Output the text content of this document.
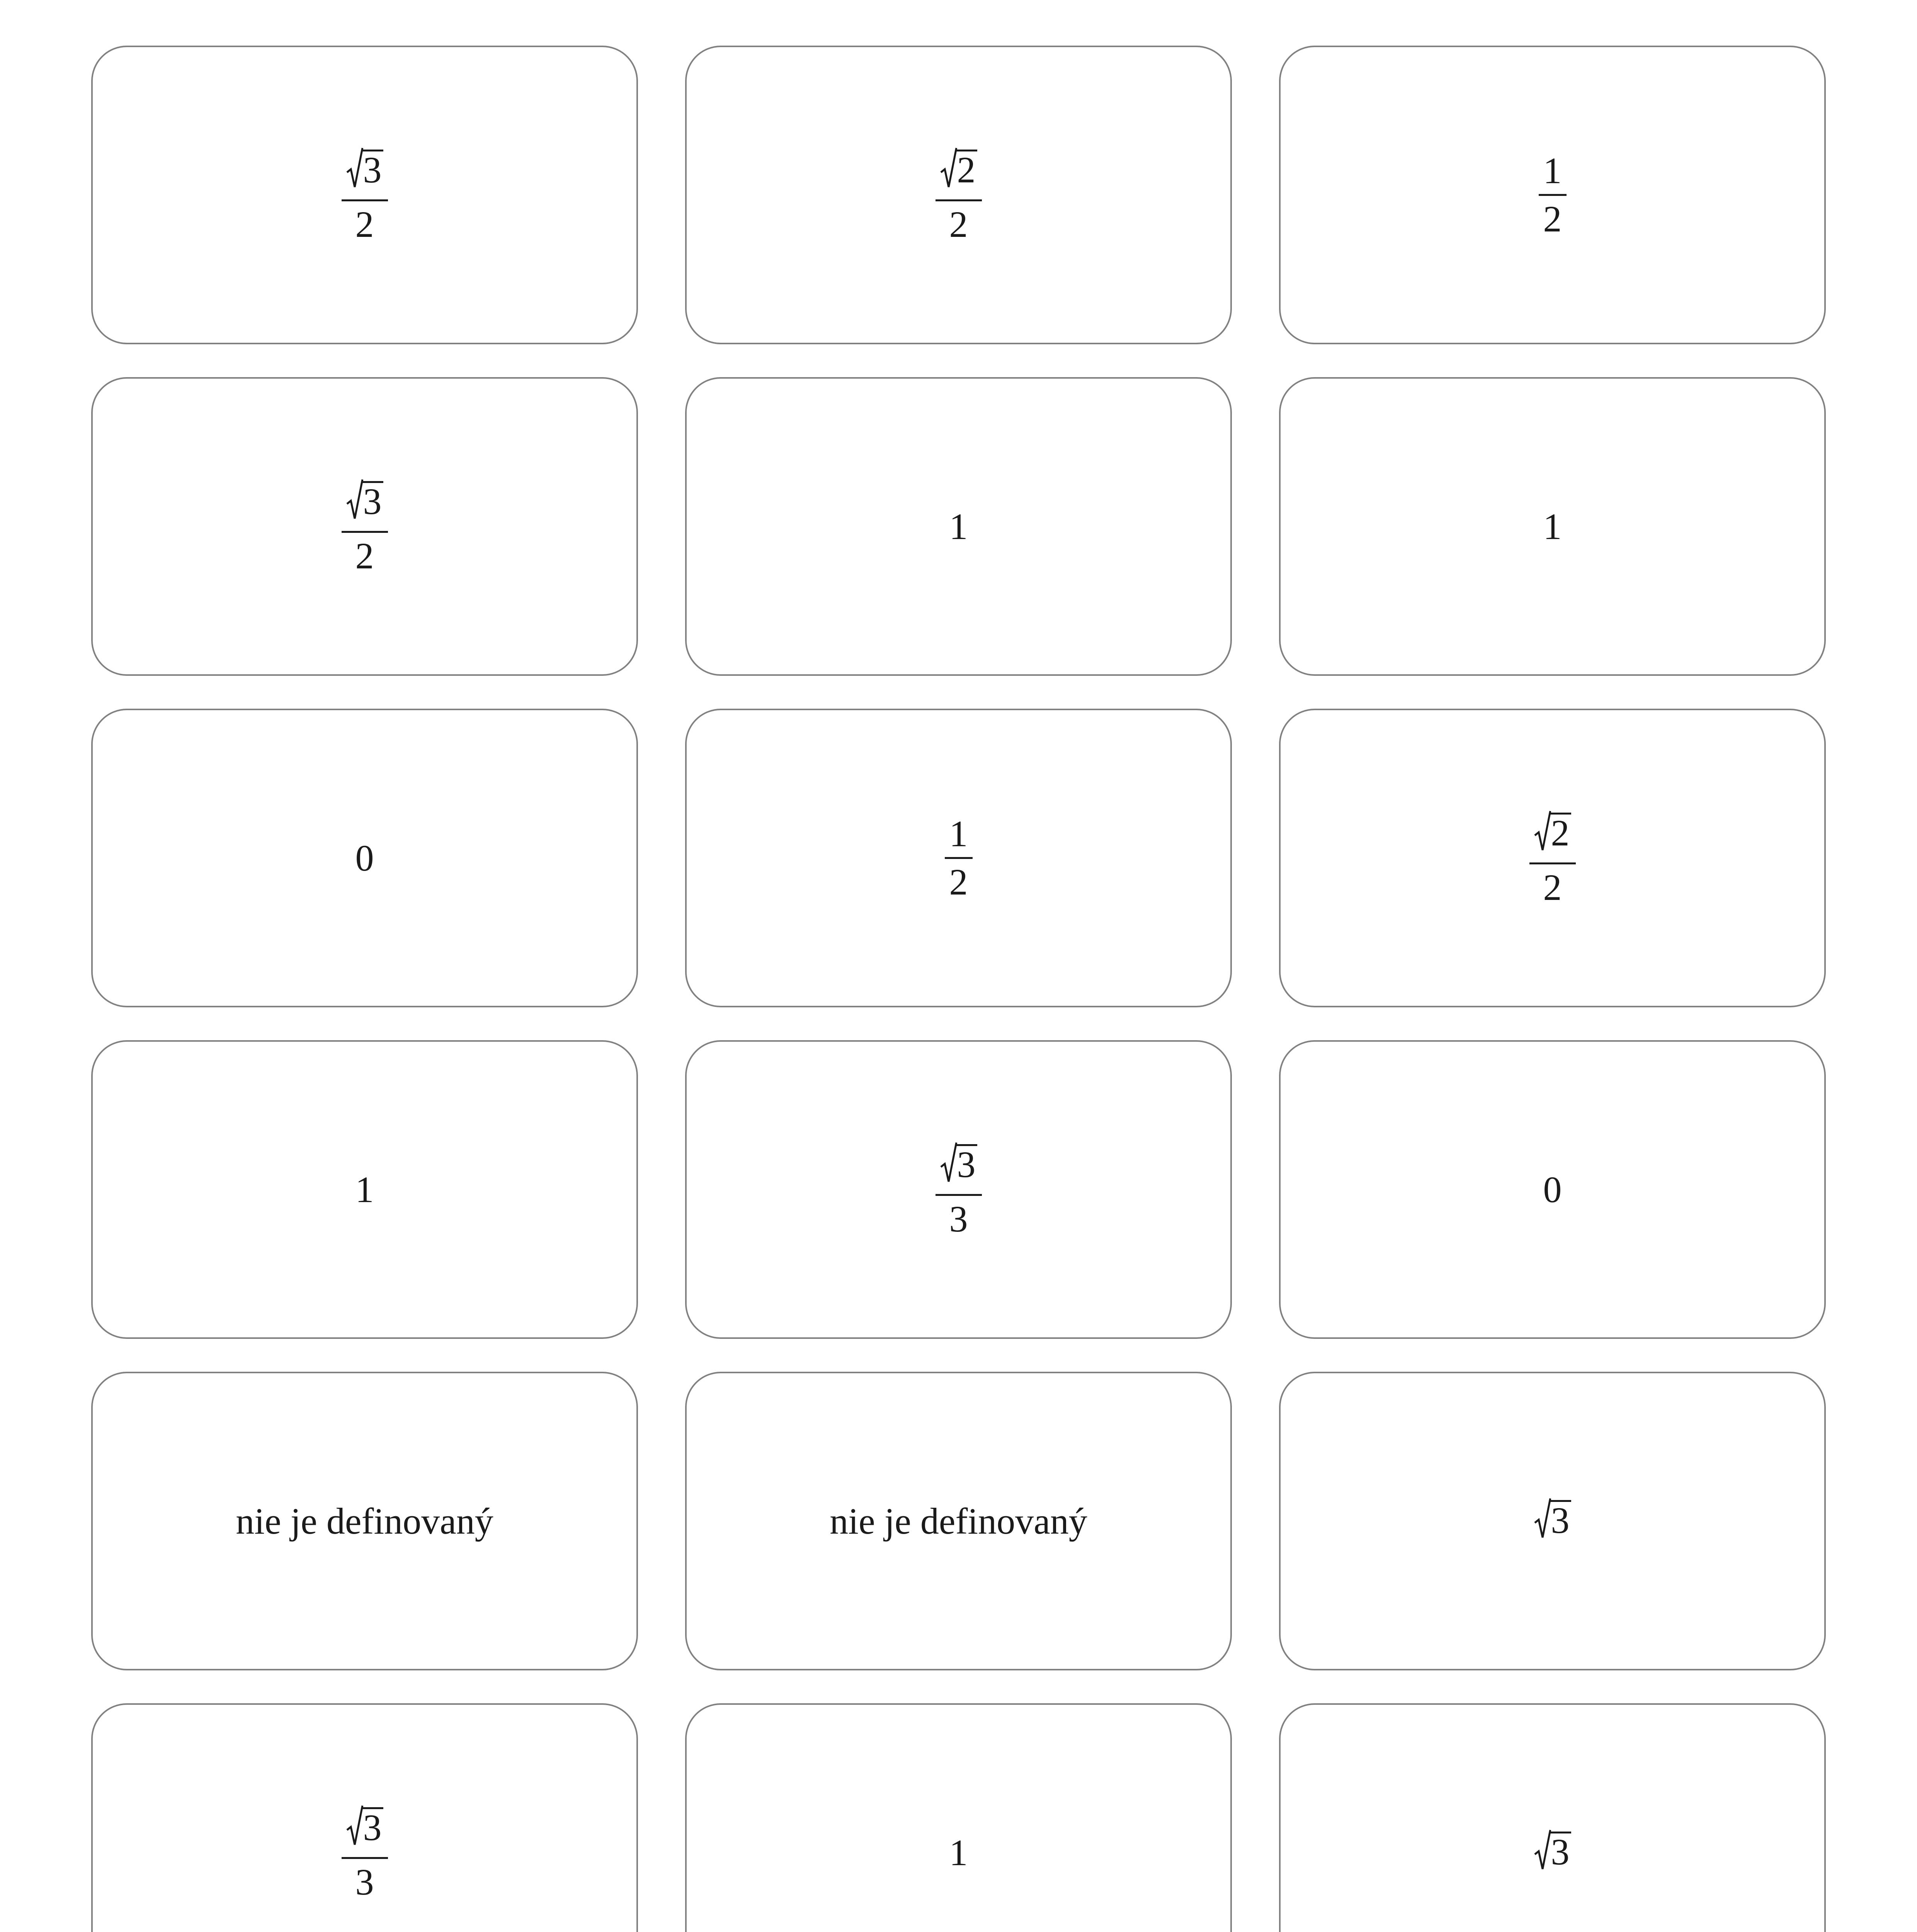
$\frac{3}{2}$	$\frac{2}{2}$	$\frac{1}{2}$
$\frac{3}{2}$	1	1
0	$\frac{1}{2}$	$\frac{2}{2}$
1	$\frac{3}{3}$	0
nie je definovaný	nie je definovaný	3
$\frac{3}{3}$	1	3
